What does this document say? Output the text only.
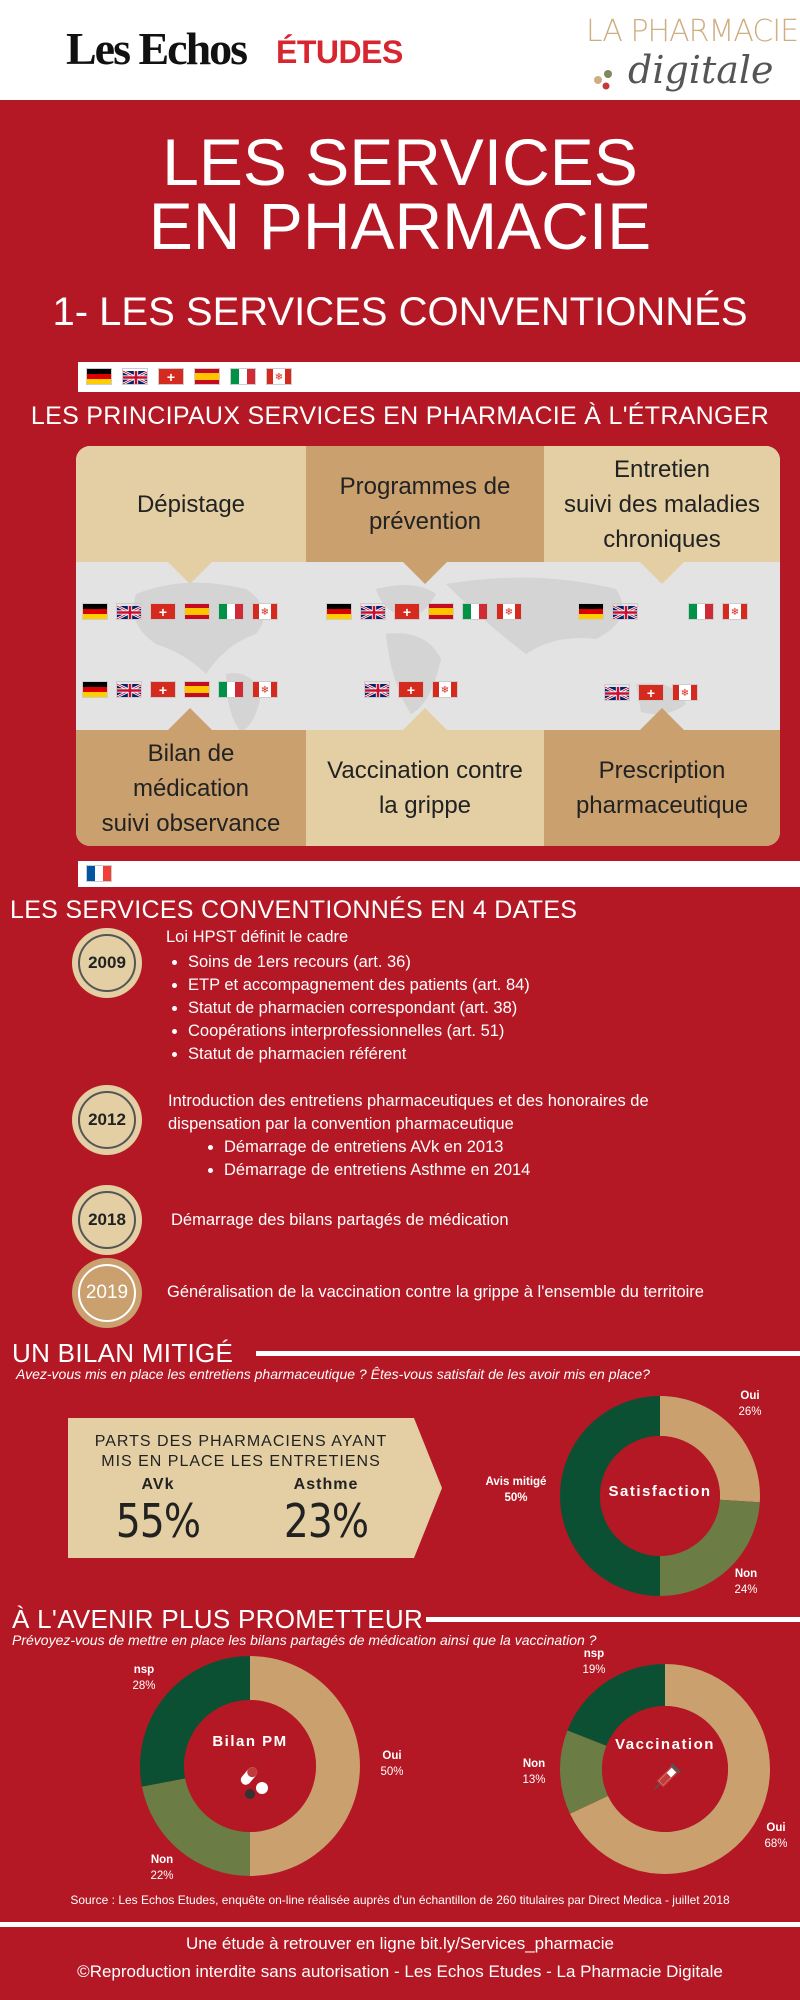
Les Echos ÉTUDES
LA PHARMACIE
digitale
LES SERVICES
EN PHARMACIE
1- LES SERVICES CONVENTIONNÉS
+	❄
LES PRINCIPAUX SERVICES EN PHARMACIE À L'ÉTRANGER
Dépistage
Programmes de
prévention
Entretien
suivi des maladies
chroniques
Bilan de
médication
suivi observance
Vaccination contre
la grippe
Prescription
pharmaceutique
+	❄	+	❄	❄
+	❄	+	❄	+	❄
LES SERVICES CONVENTIONNÉS EN 4 DATES
2009
Loi HPST définit le cadre
• Soins de 1ers recours (art. 36)
• ETP et accompagnement des patients (art. 84)
• Statut de pharmacien correspondant (art. 38)
• Coopérations interprofessionnelles (art. 51)
• Statut de pharmacien référent
2012
Introduction des entretiens pharmaceutiques et des honoraires de dispensation par la convention pharmaceutique
• Démarrage de entretiens AVk en 2013
• Démarrage de entretiens Asthme en 2014
2018	Démarrage des bilans partagés de médication
2019	Généralisation de la vaccination contre la grippe à l'ensemble du territoire
UN BILAN MITIGÉ
Avez-vous mis en place les entretiens pharmaceutique ? Êtes-vous satisfait de les avoir mis en place?
PARTS DES PHARMACIENS AYANT
MIS EN PLACE LES ENTRETIENS
AVk
55%
Asthme
23%
Satisfaction
Avis mitigé
50%
Oui
26%
Non
24%
À L'AVENIR PLUS PROMETTEUR
Prévoyez-vous de mettre en place les bilans partagés de médication ainsi que la vaccination ?
Bilan PM
nsp
28%
Oui
50%
Non
22%
Vaccination
nsp
19%
Non
13%
Oui
68%
Source : Les Echos Etudes, enquête on-line réalisée auprès d'un échantillon de 260 titulaires par Direct Medica - juillet 2018
Une étude à retrouver en ligne bit.ly/Services_pharmacie
©Reproduction interdite sans autorisation - Les Echos Etudes - La Pharmacie Digitale
